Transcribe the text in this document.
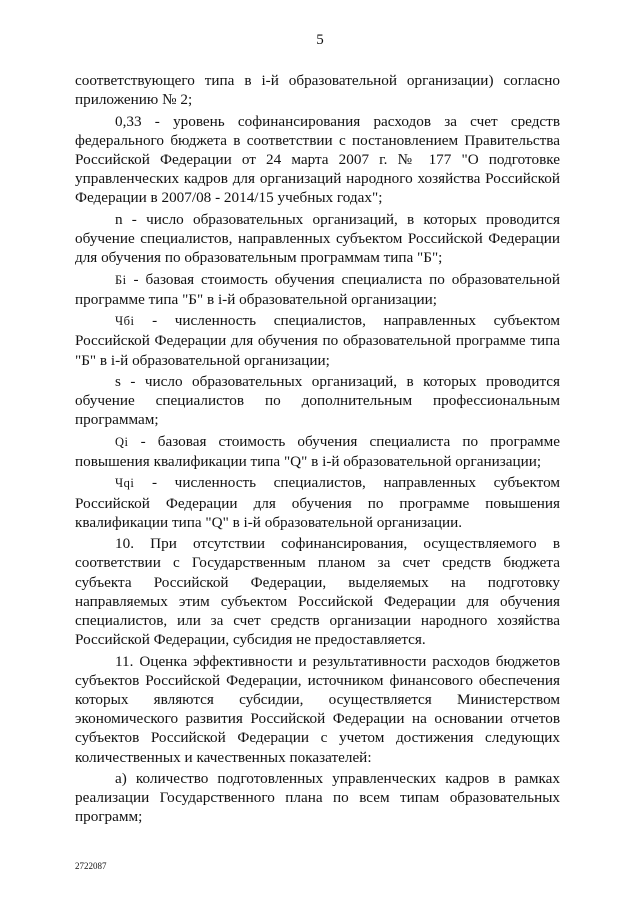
5

соответствующего типа в i-й образовательной организации) согласно приложению № 2;

0,33 - уровень софинансирования расходов за счет средств федерального бюджета в соответствии с постановлением Правительства Российской Федерации от 24 марта 2007 г. № 177 "О подготовке управленческих кадров для организаций народного хозяйства Российской Федерации в 2007/08 - 2014/15 учебных годах";

n - число образовательных организаций, в которых проводится обучение специалистов, направленных субъектом Российской Федерации для обучения по образовательным программам типа "Б";

Бi - базовая стоимость обучения специалиста по образовательной программе типа "Б" в i-й образовательной организации;

Чбi - численность специалистов, направленных субъектом Российской Федерации для обучения по образовательной программе типа "Б" в i-й образовательной организации;

s - число образовательных организаций, в которых проводится обучение специалистов по дополнительным профессиональным программам;

Qi - базовая стоимость обучения специалиста по программе повышения квалификации типа "Q" в i-й образовательной организации;

Чqi - численность специалистов, направленных субъектом Российской Федерации для обучения по программе повышения квалификации типа "Q" в i-й образовательной организации.

10. При отсутствии софинансирования, осуществляемого в соответствии с Государственным планом за счет средств бюджета субъекта Российской Федерации, выделяемых на подготовку направляемых этим субъектом Российской Федерации для обучения специалистов, или за счет средств организации народного хозяйства Российской Федерации, субсидия не предоставляется.

11. Оценка эффективности и результативности расходов бюджетов субъектов Российской Федерации, источником финансового обеспечения которых являются субсидии, осуществляется Министерством экономического развития Российской Федерации на основании отчетов субъектов Российской Федерации с учетом достижения следующих количественных и качественных показателей:

а) количество подготовленных управленческих кадров в рамках реализации Государственного плана по всем типам образовательных программ;

2722087
